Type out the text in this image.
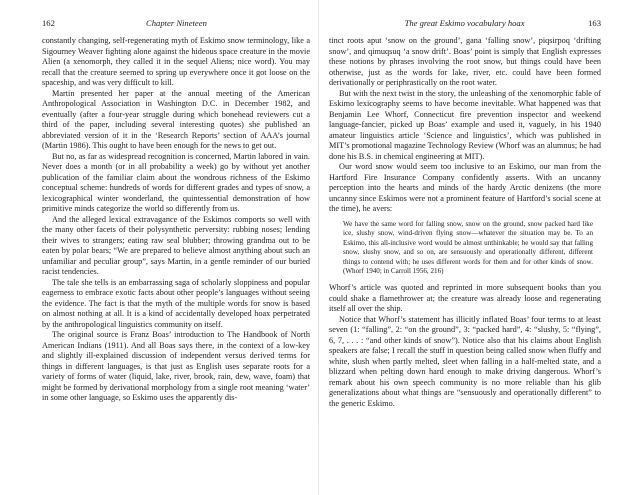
162	Chapter Nineteen

constantly changing, self-regenerating myth of Eskimo snow terminology, like a Sigourney Weaver fighting alone against the hideous space creature in the movie Alien (a xenomorph, they called it in the sequel Aliens; nice word). You may recall that the creature seemed to spring up everywhere once it got loose on the spaceship, and was very difficult to kill.

Martin presented her paper at the annual meeting of the American Anthropological Association in Washington D.C. in December 1982, and eventually (after a four-year struggle during which bonehead reviewers cut a third of the paper, including several interesting quotes) she published an abbreviated version of it in the ‘Research Reports’ section of AAA’s journal (Martin 1986). This ought to have been enough for the news to get out.

But no, as far as widespread recognition is concerned, Martin labored in vain. Never does a month (or in all probability a week) go by without yet another publication of the familiar claim about the wondrous richness of the Eskimo conceptual scheme: hundreds of words for different grades and types of snow, a lexicographical winter wonderland, the quintessential demonstration of how primitive minds categorize the world so differently from us.

And the alleged lexical extravagance of the Eskimos comports so well with the many other facets of their polysynthetic perversity: rubbing noses; lending their wives to strangers; eating raw seal blubber; throwing grandma out to be eaten by polar bears; “We are prepared to believe almost anything about such an unfamiliar and peculiar group”, says Martin, in a gentle reminder of our buried racist tendencies.

The tale she tells is an embarrassing saga of scholarly sloppiness and popular eagerness to embrace exotic facts about other people’s languages without seeing the evidence. The fact is that the myth of the multiple words for snow is based on almost nothing at all. It is a kind of accidentally developed hoax perpetrated by the anthropological linguistics community on itself.

The original source is Franz Boas’ introduction to The Handbook of North American Indians (1911). And all Boas says there, in the context of a low-key and slightly ill-explained discussion of independent versus derived terms for things in different languages, is that just as English uses separate roots for a variety of forms of water (liquid, lake, river, brook, rain, dew, wave, foam) that might be formed by derivational morphology from a single root meaning ‘water’ in some other language, so Eskimo uses the apparently dis-

The great Eskimo vocabulary hoax	163

tinct roots aput ‘snow on the ground’, gana ‘falling snow’, piqsirpoq ‘drifting snow’, and qimuqsuq ‘a snow drift’. Boas’ point is simply that English expresses these notions by phrases involving the root snow, but things could have been otherwise, just as the words for lake, river, etc. could have been formed derivationally or periphrastically on the root water.

But with the next twist in the story, the unleashing of the xenomorphic fable of Eskimo lexicography seems to have become inevitable. What happened was that Benjamin Lee Whorf, Connecticut fire prevention inspector and weekend language-fancier, picked up Boas’ example and used it, vaguely, in his 1940 amateur linguistics article ‘Science and linguistics’, which was published in MIT’s promotional magazine Technology Review (Whorf was an alumnus; he had done his B.S. in chemical engineering at MIT).

Our word snow would seem too inclusive to an Eskimo, our man from the Hartford Fire Insurance Company confidently asserts. With an uncanny perception into the hearts and minds of the hardy Arctic denizens (the more uncanny since Eskimos were not a prominent feature of Hartford’s social scene at the time), he avers:

We have the same word for falling snow, snow on the ground, snow packed hard like ice, slushy snow, wind-driven flying snow—whatever the situation may be. To an Eskimo, this all-inclusive word would be almost unthinkable; he would say that falling snow, slushy snow, and so on, are sensuously and operationally different, different things to contend with; he uses different words for them and for other kinds of snow. (Whorf 1940; in Carroll 1956, 216)

Whorf’s article was quoted and reprinted in more subsequent books than you could shake a flamethrower at; the creature was already loose and regenerating itself all over the ship.

Notice that Whorf’s statement has illicitly inflated Boas’ four terms to at least seven (1: “falling”, 2: “on the ground”, 3: “packed hard”, 4: “slushy, 5: “flying”, 6, 7, . . . : “and other kinds of snow”). Notice also that his claims about English speakers are false; I recall the stuff in question being called snow when fluffy and white, slush when partly melted, sleet when falling in a half-melted state, and a blizzard when pelting down hard enough to make driving dangerous. Whorf’s remark about his own speech community is no more reliable than his glib generalizations about what things are “sensuously and operationally different” to the generic Eskimo.
